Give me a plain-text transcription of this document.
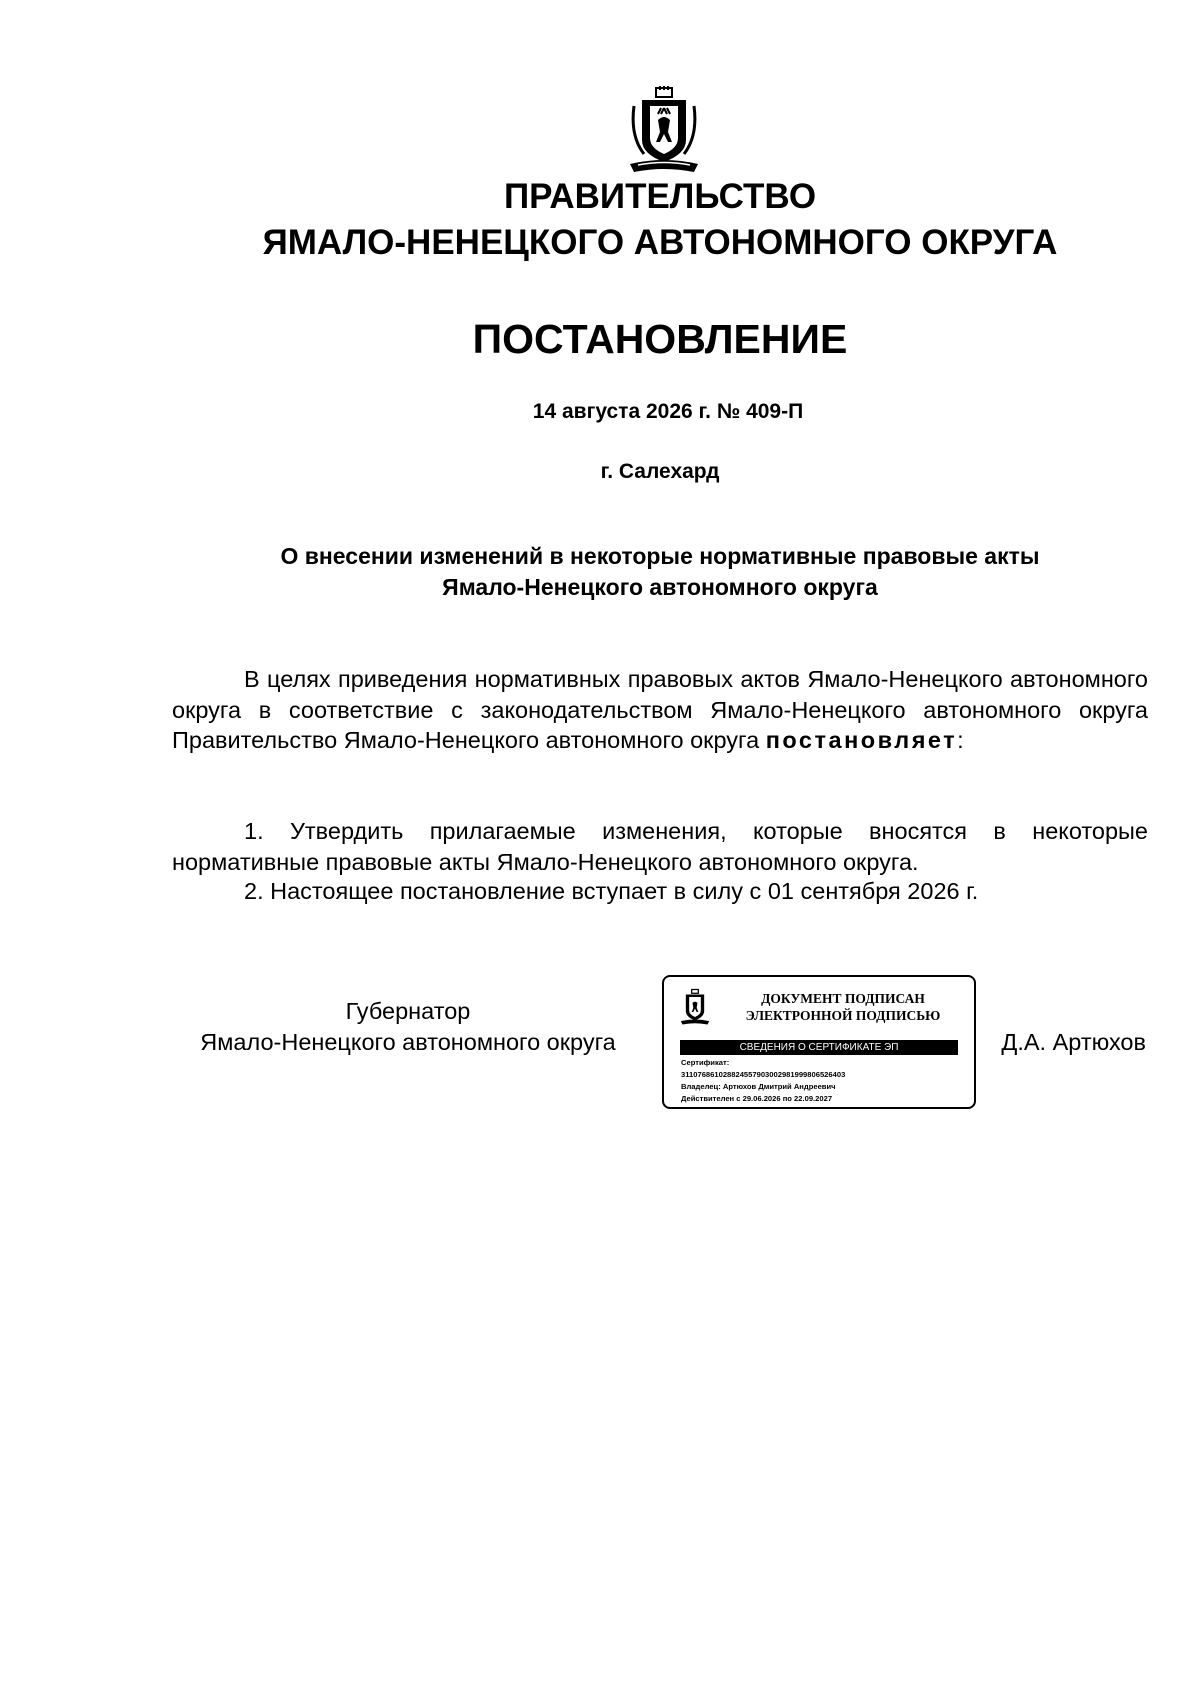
ПРАВИТЕЛЬСТВО
ЯМАЛО-НЕНЕЦКОГО АВТОНОМНОГО ОКРУГА
ПОСТАНОВЛЕНИЕ
14 августа 2026 г. № 409-П
г. Салехард
О внесении изменений в некоторые нормативные правовые акты
Ямало-Ненецкого автономного округа

В целях приведения нормативных правовых актов Ямало-Ненецкого автономного округа в соответствие с законодательством Ямало-Ненецкого автономного округа Правительство Ямало-Ненецкого автономного округа постановляет:

1. Утвердить прилагаемые изменения, которые вносятся в некоторые нормативные правовые акты Ямало-Ненецкого автономного округа.

2. Настоящее постановление вступает в силу с 01 сентября 2026 г.

Губернатор
Ямало-Ненецкого автономного округа
ДОКУМЕНТ ПОДПИСАН
ЭЛЕКТРОННОЙ ПОДПИСЬЮ
СВЕДЕНИЯ О СЕРТИФИКАТЕ ЭП
Сертификат:
311076861028824557903002981999806526403
Владелец: Артюхов Дмитрий Андреевич
Действителен с 29.06.2026 по 22.09.2027
Д.А. Артюхов
